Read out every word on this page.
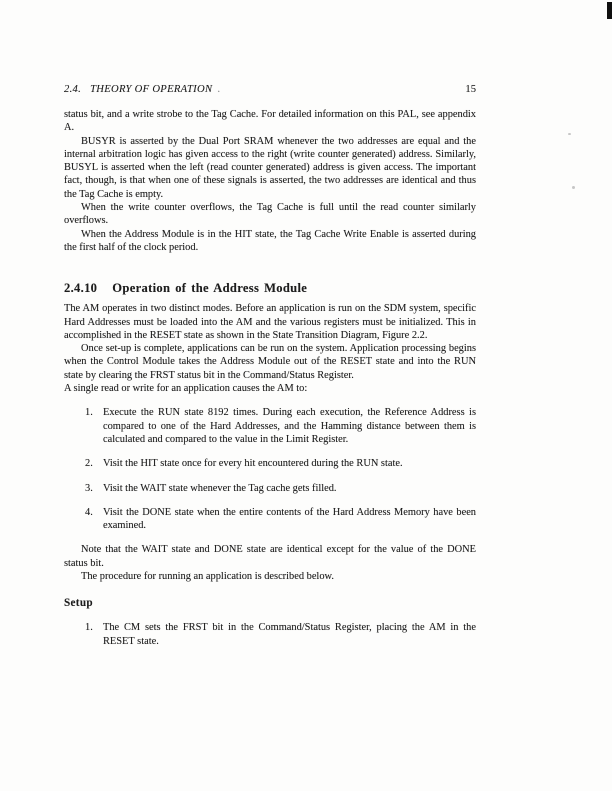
2.4. THEORY OF OPERATION .	15

status bit, and a write strobe to the Tag Cache. For detailed information on this PAL, see appendix A.

BUSYR is asserted by the Dual Port SRAM whenever the two addresses are equal and the internal arbitration logic has given access to the right (write counter generated) address. Similarly, BUSYL is asserted when the left (read counter generated) address is given access. The important fact, though, is that when one of these signals is asserted, the two addresses are identical and thus the Tag Cache is empty.

When the write counter overflows, the Tag Cache is full until the read counter similarly overflows.

When the Address Module is in the HIT state, the Tag Cache Write Enable is asserted during the first half of the clock period.

2.4.10 Operation of the Address Module

The AM operates in two distinct modes. Before an application is run on the SDM system, specific Hard Addresses must be loaded into the AM and the various registers must be initialized. This in accomplished in the RESET state as shown in the State Transition Diagram, Figure 2.2.

Once set-up is complete, applications can be run on the system. Application processing begins when the Control Module takes the Address Module out of the RESET state and into the RUN state by clearing the FRST status bit in the Command/Status Register.

A single read or write for an application causes the AM to:

1. Execute the RUN state 8192 times. During each execution, the Reference Address is compared to one of the Hard Addresses, and the Hamming distance between them is calculated and compared to the value in the Limit Register.
2. Visit the HIT state once for every hit encountered during the RUN state.
3. Visit the WAIT state whenever the Tag cache gets filled.
4. Visit the DONE state when the entire contents of the Hard Address Memory have been examined.

Note that the WAIT state and DONE state are identical except for the value of the DONE status bit.

The procedure for running an application is described below.

Setup
1. The CM sets the FRST bit in the Command/Status Register, placing the AM in the RESET state.
